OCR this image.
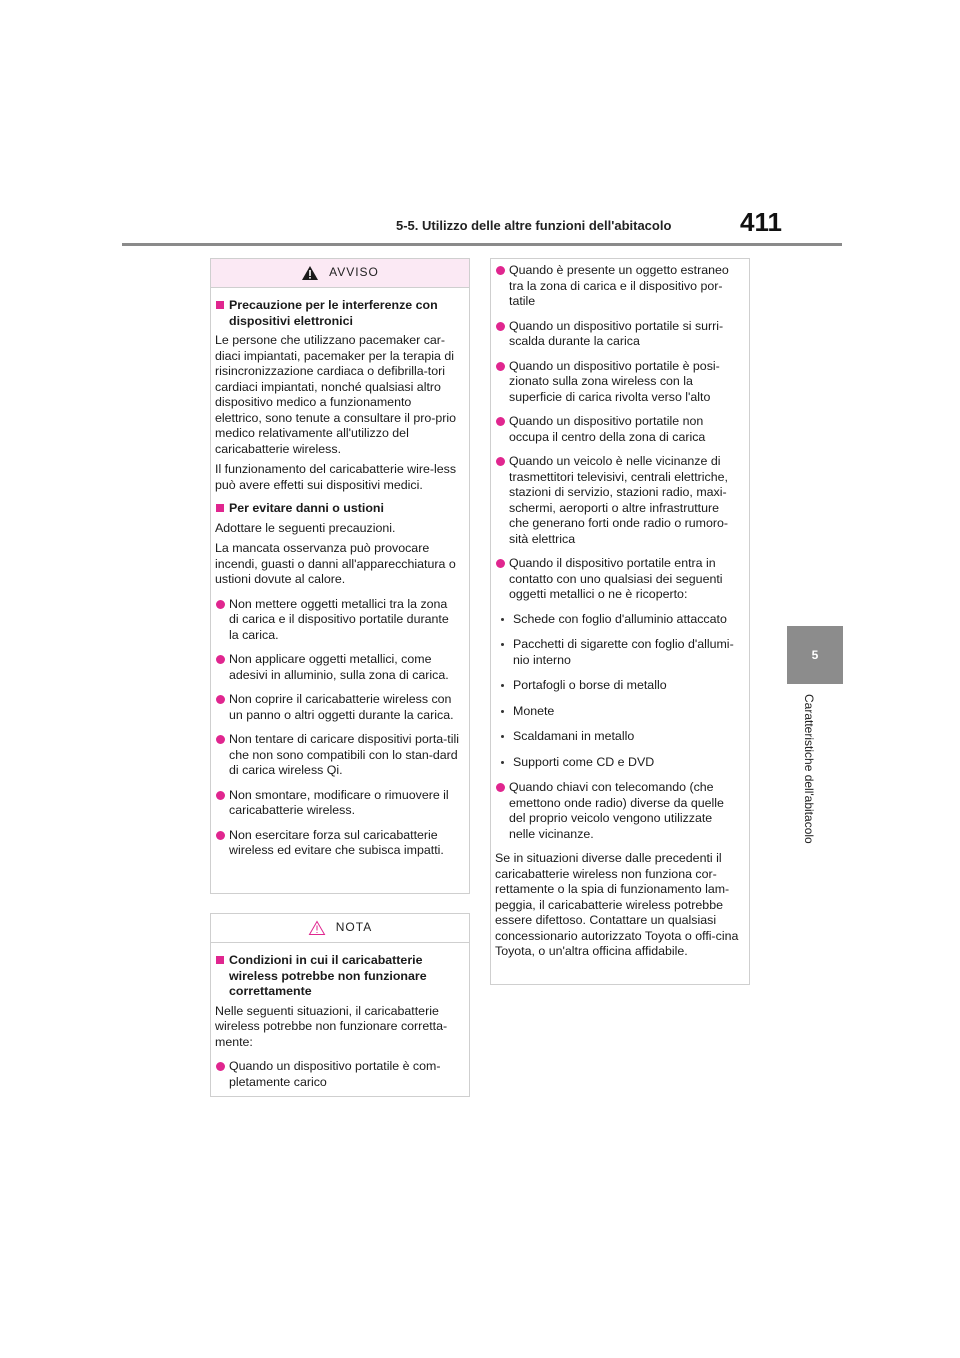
5-5. Utilizzo delle altre funzioni dell'abitacolo	411
5
Caratteristiche dell'abitacolo
AVVISO
Precauzione per le interferenze con dispositivi elettronici
Le persone che utilizzano pacemaker car-diaci impiantati, pacemaker per la terapia di risincronizzazione cardiaca o defibrilla-tori cardiaci impiantati, nonché qualsiasi altro dispositivo medico a funzionamento elettrico, sono tenute a consultare il pro-prio medico relativamente all'utilizzo del caricabatterie wireless.
Il funzionamento del caricabatterie wire-less può avere effetti sui dispositivi medici.
Per evitare danni o ustioni
Adottare le seguenti precauzioni.
La mancata osservanza può provocare incendi, guasti o danni all'apparecchiatura o ustioni dovute al calore.
Non mettere oggetti metallici tra la zona di carica e il dispositivo portatile durante la carica.
Non applicare oggetti metallici, come adesivi in alluminio, sulla zona di carica.
Non coprire il caricabatterie wireless con un panno o altri oggetti durante la carica.
Non tentare di caricare dispositivi porta-tili che non sono compatibili con lo stan-dard di carica wireless Qi.
Non smontare, modificare o rimuovere il caricabatterie wireless.
Non esercitare forza sul caricabatterie wireless ed evitare che subisca impatti.
NOTA
Condizioni in cui il caricabatterie wireless potrebbe non funzionare correttamente
Nelle seguenti situazioni, il caricabatterie wireless potrebbe non funzionare corretta-mente:
Quando un dispositivo portatile è com-pletamente carico
Quando è presente un oggetto estraneo tra la zona di carica e il dispositivo por-tatile
Quando un dispositivo portatile si surri-scalda durante la carica
Quando un dispositivo portatile è posi-zionato sulla zona wireless con la superficie di carica rivolta verso l'alto
Quando un dispositivo portatile non occupa il centro della zona di carica
Quando un veicolo è nelle vicinanze di trasmettitori televisivi, centrali elettriche, stazioni di servizio, stazioni radio, maxi-schermi, aeroporti o altre infrastrutture che generano forti onde radio o rumoro-sità elettrica
Quando il dispositivo portatile entra in contatto con uno qualsiasi dei seguenti oggetti metallici o ne è ricoperto:
Schede con foglio d'alluminio attaccato
Pacchetti di sigarette con foglio d'allumi-nio interno
Portafogli o borse di metallo
Monete
Scaldamani in metallo
Supporti come CD e DVD
Quando chiavi con telecomando (che emettono onde radio) diverse da quelle del proprio veicolo vengono utilizzate nelle vicinanze.
Se in situazioni diverse dalle precedenti il caricabatterie wireless non funziona cor-rettamente o la spia di funzionamento lam-peggia, il caricabatterie wireless potrebbe essere difettoso. Contattare un qualsiasi concessionario autorizzato Toyota o offi-cina Toyota, o un'altra officina affidabile.
